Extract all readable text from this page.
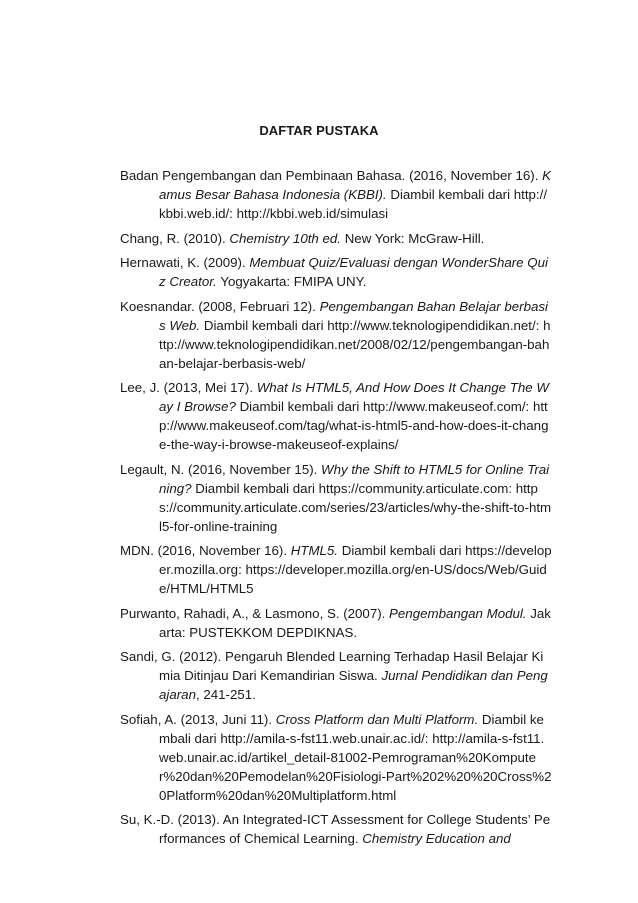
DAFTAR PUSTAKA
Badan Pengembangan dan Pembinaan Bahasa. (2016, November 16). Kamus Besar Bahasa Indonesia (KBBI). Diambil kembali dari http://kbbi.web.id/: http://kbbi.web.id/simulasi
Chang, R. (2010). Chemistry 10th ed. New York: McGraw-Hill.
Hernawati, K. (2009). Membuat Quiz/Evaluasi dengan WonderShare Quiz Creator. Yogyakarta: FMIPA UNY.
Koesnandar. (2008, Februari 12). Pengembangan Bahan Belajar berbasis Web. Diambil kembali dari http://www.teknologipendidikan.net/: http://www.teknologipendidikan.net/2008/02/12/pengembangan-bahan-belajar-berbasis-web/
Lee, J. (2013, Mei 17). What Is HTML5, And How Does It Change The Way I Browse? Diambil kembali dari http://www.makeuseof.com/: http://www.makeuseof.com/tag/what-is-html5-and-how-does-it-change-the-way-i-browse-makeuseof-explains/
Legault, N. (2016, November 15). Why the Shift to HTML5 for Online Training? Diambil kembali dari https://community.articulate.com: https://community.articulate.com/series/23/articles/why-the-shift-to-html5-for-online-training
MDN. (2016, November 16). HTML5. Diambil kembali dari https://developer.mozilla.org: https://developer.mozilla.org/en-US/docs/Web/Guide/HTML/HTML5
Purwanto, Rahadi, A., & Lasmono, S. (2007). Pengembangan Modul. Jakarta: PUSTEKKOM DEPDIKNAS.
Sandi, G. (2012). Pengaruh Blended Learning Terhadap Hasil Belajar Kimia Ditinjau Dari Kemandirian Siswa. Jurnal Pendidikan dan Pengajaran, 241-251.
Sofiah, A. (2013, Juni 11). Cross Platform dan Multi Platform. Diambil kembali dari http://amila-s-fst11.web.unair.ac.id/: http://amila-s-fst11.web.unair.ac.id/artikel_detail-81002-Pemrograman%20Komputer%20dan%20Pemodelan%20Fisiologi-Part%202%20%20Cross%20Platform%20dan%20Multiplatform.html
Su, K.-D. (2013). An Integrated-ICT Assessment for College Students’ Performances of Chemical Learning. Chemistry Education and
